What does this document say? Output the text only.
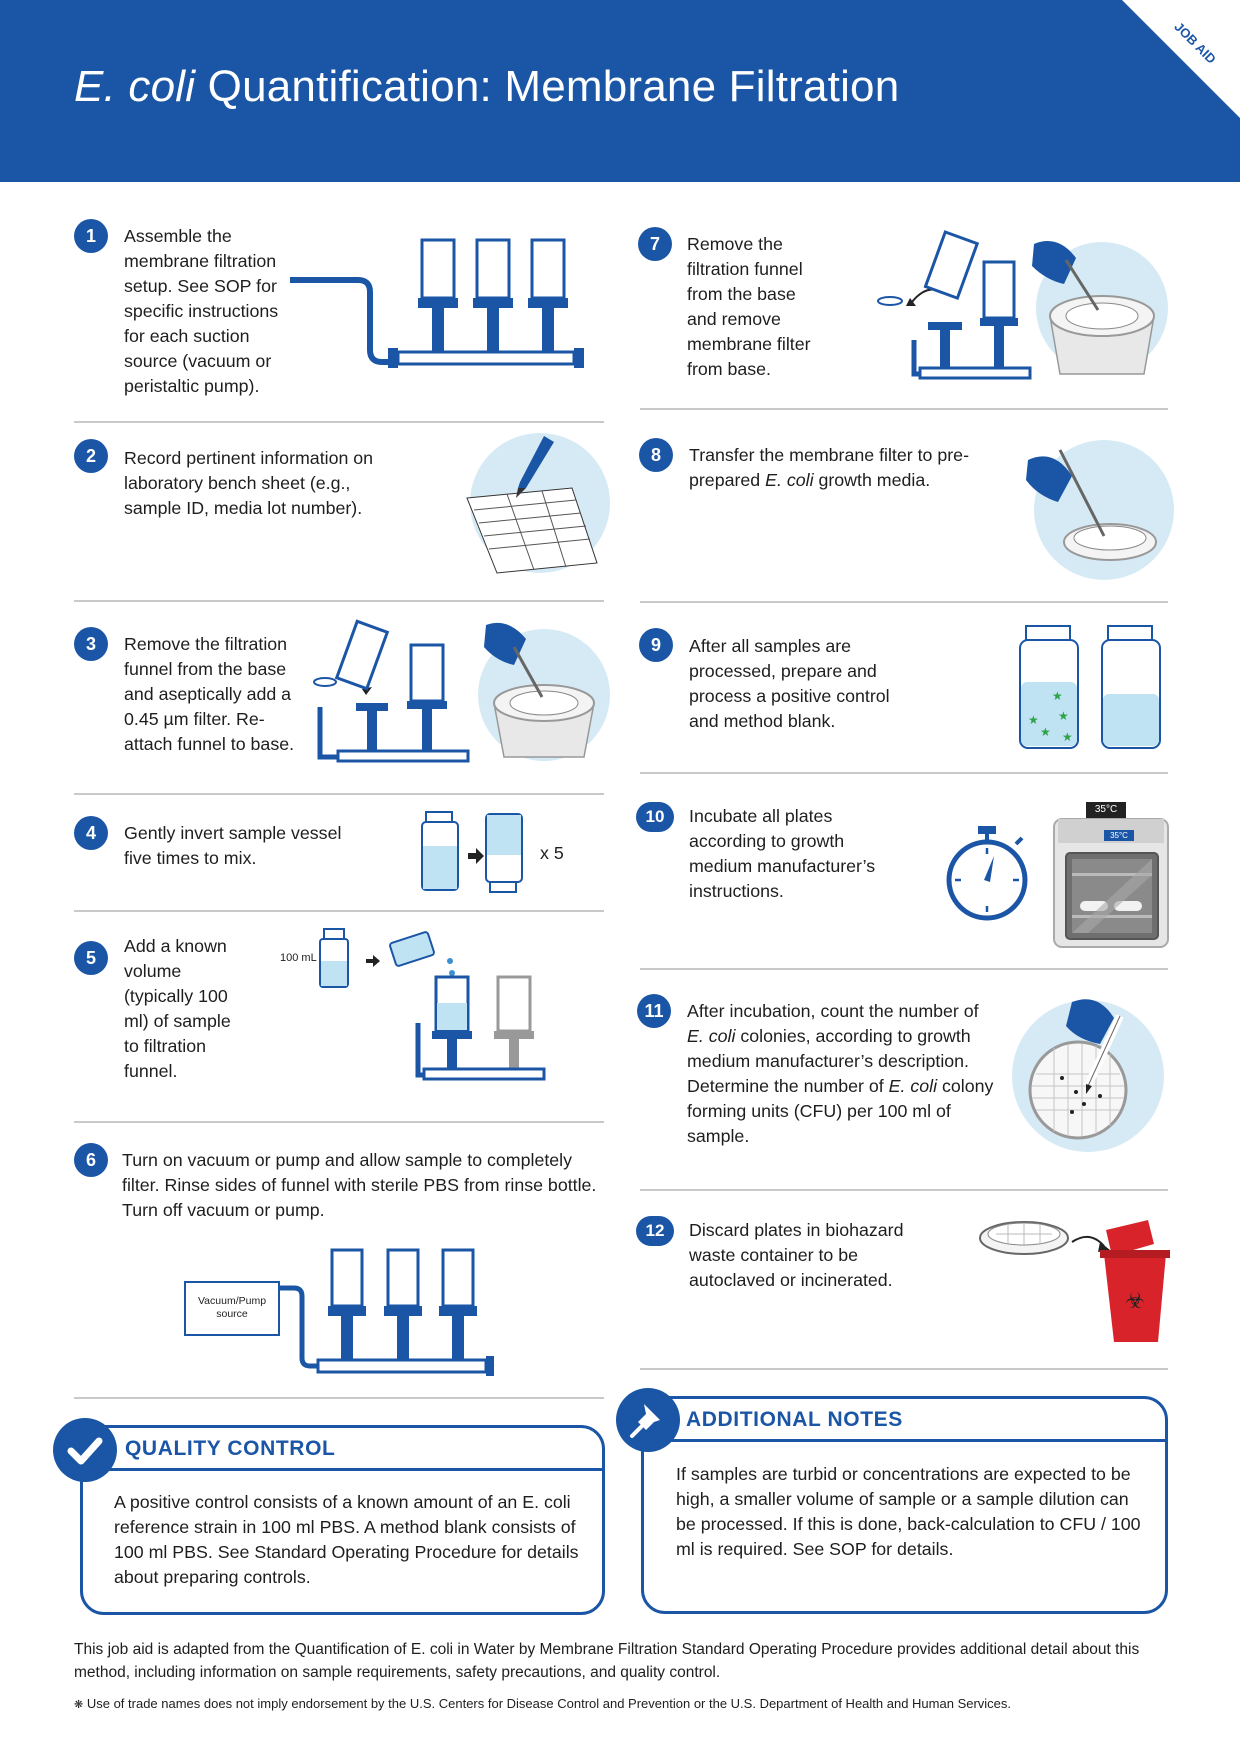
E. coli Quantification: Membrane Filtration
JOB AID
1	Assemble the membrane filtration setup. See SOP for specific instructions for each suction source (vacuum or peristaltic pump).
2	Record pertinent information on laboratory bench sheet (e.g., sample ID, media lot number).
3	Remove the filtration funnel from the base and aseptically add a 0.45 µm filter. Re-attach funnel to base.
4	Gently invert sample vessel five times to mix.	x 5
5
Add a known volume (typically 100 ml) of sample to filtration funnel.
100 mL
6	Turn on vacuum or pump and allow sample to completely filter. Rinse sides of funnel with sterile PBS from rinse bottle. Turn off vacuum or pump.
Vacuum/Pump source
7	Remove the filtration funnel from the base and remove membrane filter from base.
8	Transfer the membrane filter to pre-prepared E. coli growth media.
9	After all samples are processed, prepare and process a positive control and method blank.
★
★ ★
★ ★
10	Incubate all plates according to growth medium manufacturer’s instructions.
35°C
35°C
11	After incubation, count the number of E. coli colonies, according to growth medium manufacturer’s description. Determine the number of E. coli colony forming units (CFU) per 100 ml of sample.
12	Discard plates in biohazard waste container to be autoclaved or incinerated.
☣
QUALITY CONTROL
A positive control consists of a known amount of an E. coli reference strain in 100 ml PBS. A method blank consists of 100 ml PBS. See Standard Operating Procedure for details about preparing controls.
ADDITIONAL NOTES
If samples are turbid or concentrations are expected to be high, a smaller volume of sample or a sample dilution can be processed. If this is done, back-calculation to CFU / 100 ml is required. See SOP for details.
This job aid is adapted from the Quantification of E. coli in Water by Membrane Filtration Standard Operating Procedure provides additional detail about this method, including information on sample requirements, safety precautions, and quality control.
❋ Use of trade names does not imply endorsement by the U.S. Centers for Disease Control and Prevention or the U.S. Department of Health and Human Services.
